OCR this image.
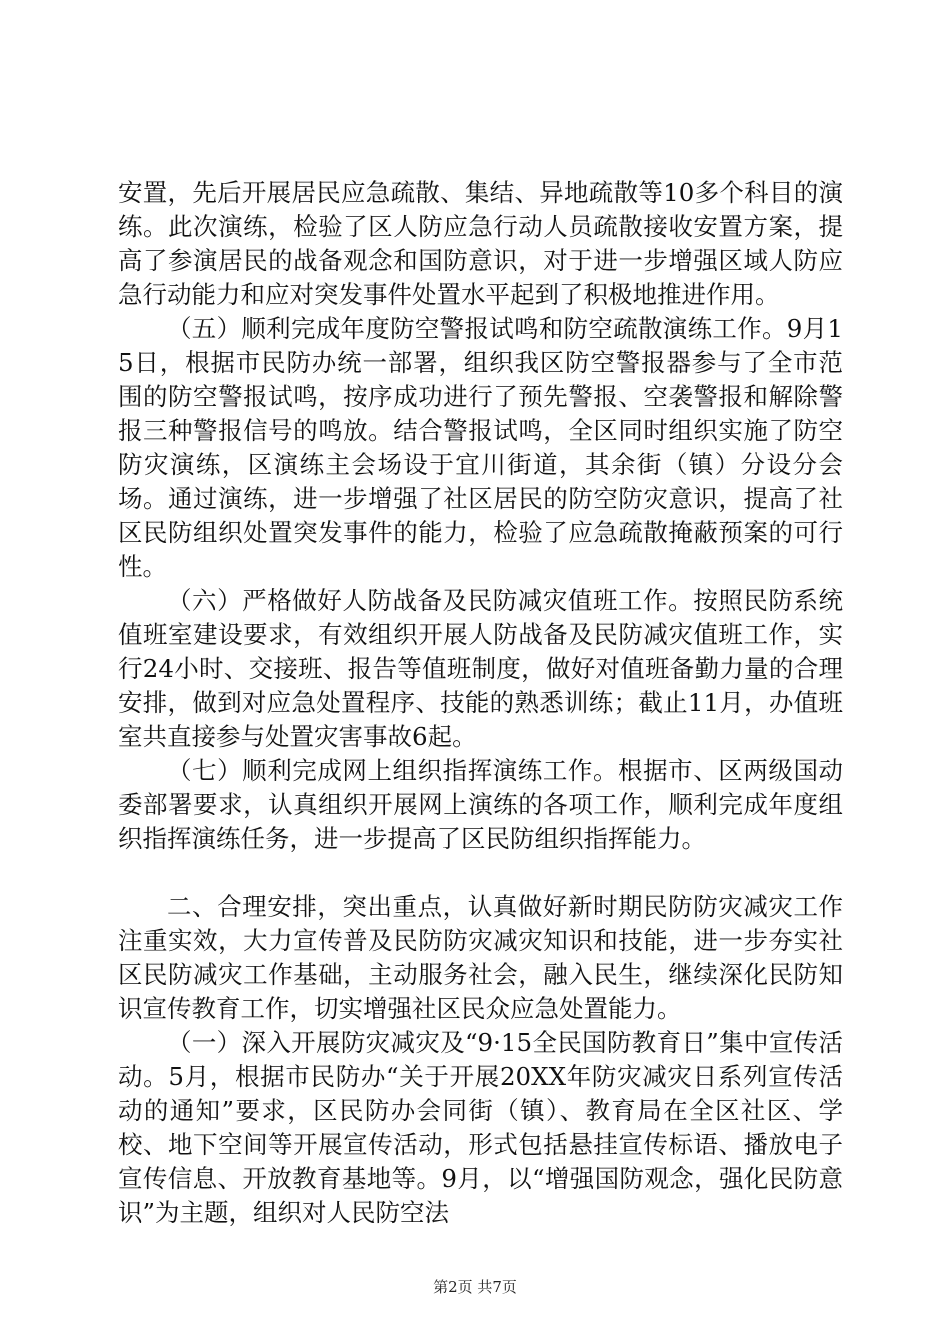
安置，先后开展居民应急疏散、集结、异地疏散等10多个科目的演练。此次演练，检验了区人防应急行动人员疏散接收安置方案，提高了参演居民的战备观念和国防意识，对于进一步增强区域人防应急行动能力和应对突发事件处置水平起到了积极地推进作用。

（五）顺利完成年度防空警报试鸣和防空疏散演练工作。9月15日，根据市民防办统一部署，组织我区防空警报器参与了全市范围的防空警报试鸣，按序成功进行了预先警报、空袭警报和解除警报三种警报信号的鸣放。结合警报试鸣，全区同时组织实施了防空防灾演练，区演练主会场设于宜川街道，其余街（镇）分设分会场。通过演练，进一步增强了社区居民的防空防灾意识，提高了社区民防组织处置突发事件的能力，检验了应急疏散掩蔽预案的可行性。

（六）严格做好人防战备及民防减灾值班工作。按照民防系统值班室建设要求，有效组织开展人防战备及民防减灾值班工作，实行24小时、交接班、报告等值班制度，做好对值班备勤力量的合理安排，做到对应急处置程序、技能的熟悉训练；截止11月，办值班室共直接参与处置灾害事故6起。

（七）顺利完成网上组织指挥演练工作。根据市、区两级国动委部署要求，认真组织开展网上演练的各项工作，顺利完成年度组织指挥演练任务，进一步提高了区民防组织指挥能力。

二、合理安排，突出重点，认真做好新时期民防防灾减灾工作注重实效，大力宣传普及民防防灾减灾知识和技能，进一步夯实社区民防减灾工作基础，主动服务社会，融入民生，继续深化民防知识宣传教育工作，切实增强社区民众应急处置能力。

（一）深入开展防灾减灾及“9·15全民国防教育日”集中宣传活动。5月，根据市民防办“关于开展20XX年防灾减灾日系列宣传活动的通知”要求，区民防办会同街（镇）、教育局在全区社区、学校、地下空间等开展宣传活动，形式包括悬挂宣传标语、播放电子宣传信息、开放教育基地等。9月，以“增强国防观念，强化民防意识”为主题，组织对人民防空法

第2页 共7页
